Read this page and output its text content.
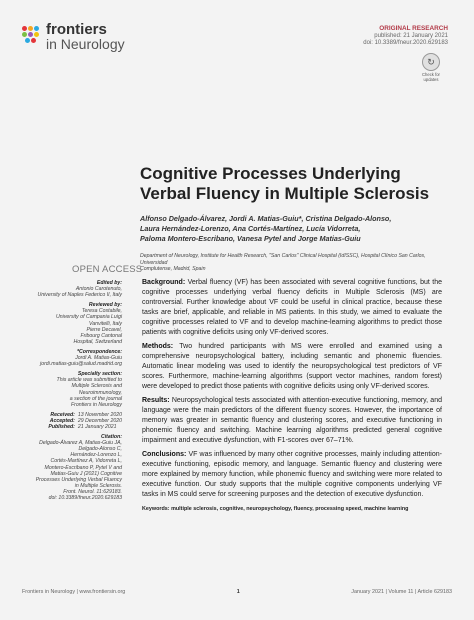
frontiers
in Neurology
ORIGINAL RESEARCH
published: 21 January 2021
doi: 10.3389/fneur.2020.629183
↻
Check for
updates
Cognitive Processes Underlying
Verbal Fluency in Multiple Sclerosis
Alfonso Delgado-Álvarez, Jordi A. Matias-Guiu*, Cristina Delgado-Alonso,
Laura Hernández-Lorenzo, Ana Cortés-Martínez, Lucía Vidorreta,
Paloma Montero-Escribano, Vanesa Pytel and Jorge Matias-Guiu
Department of Neurology, Institute for Health Research, "San Carlos" Clinical Hospital (IdISSC), Hospital Clínico San Carlos, Universidad
Complutense, Madrid, Spain
OPEN ACCESS
Edited by:
Antonio Carotenuto,
University of Naples Federico II, Italy
Reviewed by:
Teresa Costabile,
University of Campania Luigi
Vanvitelli, Italy
Pierre Decavel,
Fribourg Cantonal
Hospital, Switzerland
*Correspondence:
Jordi A. Matias-Guiu
jordi.matias-guiu@salud.madrid.org
Specialty section:
This article was submitted to
Multiple Sclerosis and
Neuroimmunology,
a section of the journal
Frontiers in Neurology
Received: 13 November 2020
Accepted: 29 December 2020
Published: 21 January 2021
Citation:
Delgado-Álvarez A, Matias-Guiu JA,
Delgado-Alonso C,
Hernández-Lorenzo L,
Cortés-Martínez A, Vidorreta L,
Montero-Escribano P, Pytel V and
Matias-Guiu J (2021) Cognitive
Processes Underlying Verbal Fluency
in Multiple Sclerosis.
Front. Neurol. 11:629183.
doi: 10.3389/fneur.2020.629183

Background: Verbal fluency (VF) has been associated with several cognitive functions, but the cognitive processes underlying verbal fluency deficits in Multiple Sclerosis (MS) are controversial. Further knowledge about VF could be useful in clinical practice, because these tasks are brief, applicable, and reliable in MS patients. In this study, we aimed to evaluate the cognitive processes related to VF and to develop machine-learning algorithms to predict those patients with cognitive deficits using only VF-derived scores.

Methods: Two hundred participants with MS were enrolled and examined using a comprehensive neuropsychological battery, including semantic and phonemic fluencies. Automatic linear modeling was used to identify the neuropsychological test predictors of VF scores. Furthermore, machine-learning algorithms (support vector machines, random forest) were developed to predict those patients with cognitive deficits using only VF-derived scores.

Results: Neuropsychological tests associated with attention-executive functioning, memory, and language were the main predictors of the different fluency scores. However, the importance of memory was greater in semantic fluency and clustering scores, and executive functioning in phonemic fluency and switching. Machine learning algorithms predicted general cognitive impairment and executive dysfunction, with F1-scores over 67–71%.

Conclusions: VF was influenced by many other cognitive processes, mainly including attention-executive functioning, episodic memory, and language. Semantic fluency and clustering were more explained by memory function, while phonemic fluency and switching were more related to executive function. Our study supports that the multiple cognitive components underlying VF tasks in MS could serve for screening purposes and the detection of executive dysfunction.

Keywords: multiple sclerosis, cognitive, neuropsychology, fluency, processing speed, machine learning

Frontiers in Neurology | www.frontiersin.org	1	January 2021 | Volume 11 | Article 629183
